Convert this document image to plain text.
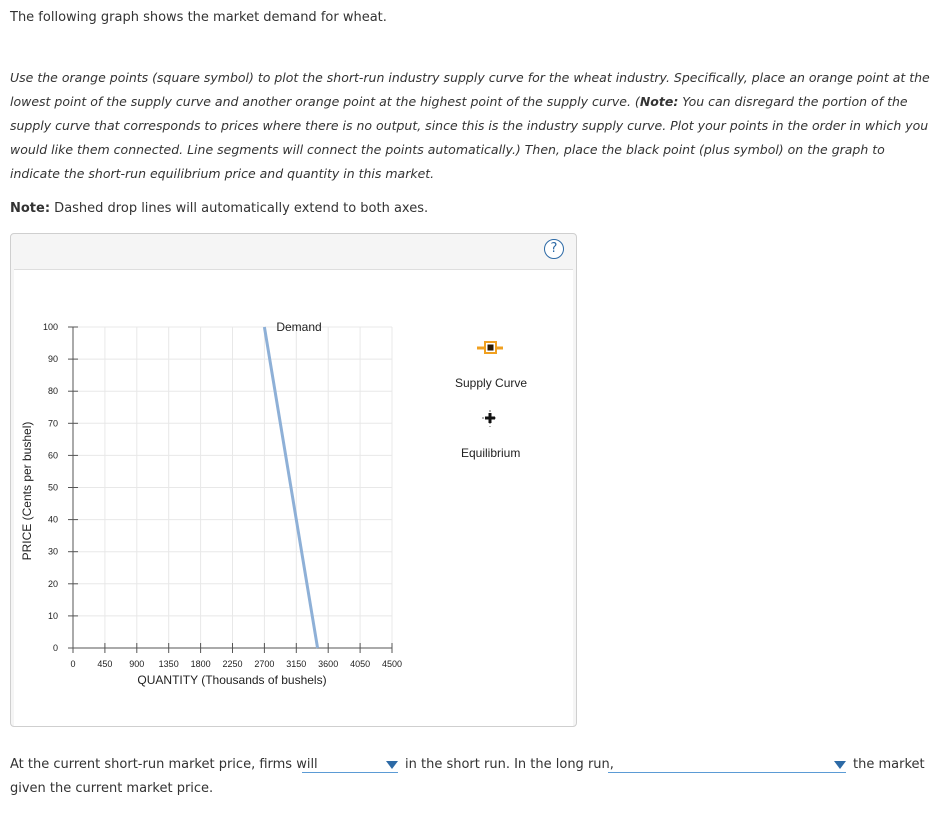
The following graph shows the market demand for wheat.
Use the orange points (square symbol) to plot the short-run industry supply curve for the wheat industry. Specifically, place an orange point at the lowest point of the supply curve and another orange point at the highest point of the supply curve. (Note: You can disregard the portion of the supply curve that corresponds to prices where there is no output, since this is the industry supply curve. Plot your points in the order in which you would like them connected. Line segments will connect the points automatically.) Then, place the black point (plus symbol) on the graph to indicate the short-run equilibrium price and quantity in this market.
Note: Dashed drop lines will automatically extend to both axes.
?
0 450 900 1350 1800 2250 2700 3150 3600 4050 4500
0
10
20
30
40
50
60
70
80
90
100
QUANTITY (Thousands of bushels)
PRICE (Cents per bushel)
Demand
Supply Curve
Equilibrium
At the current short-run market price, firms will	in the short run. In the long run,	the market
given the current market price.
